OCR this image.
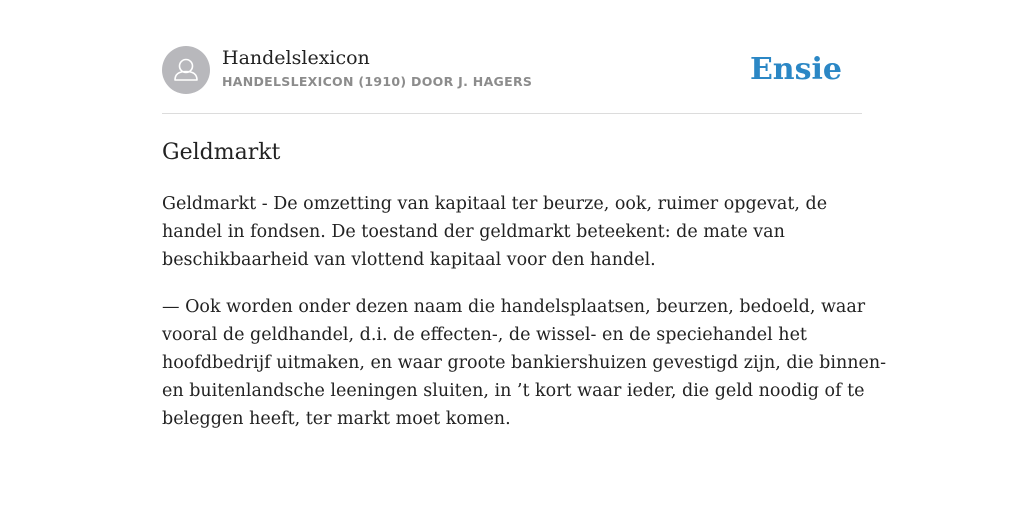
Handelslexicon
HANDELSLEXICON (1910) DOOR J. HAGERS	Ensie
Geldmarkt

Geldmarkt - De omzetting van kapitaal ter beurze, ook, ruimer opgevat, de
handel in fondsen. De toestand der geldmarkt beteekent: de mate van
beschikbaarheid van vlottend kapitaal voor den handel.

— Ook worden onder dezen naam die handelsplaatsen, beurzen, bedoeld, waar
vooral de geldhandel, d.i. de effecten-, de wissel- en de speciehandel het
hoofdbedrijf uitmaken, en waar groote bankiershuizen gevestigd zijn, die binnen-
en buitenlandsche leeningen sluiten, in ’t kort waar ieder, die geld noodig of te
beleggen heeft, ter markt moet komen.
